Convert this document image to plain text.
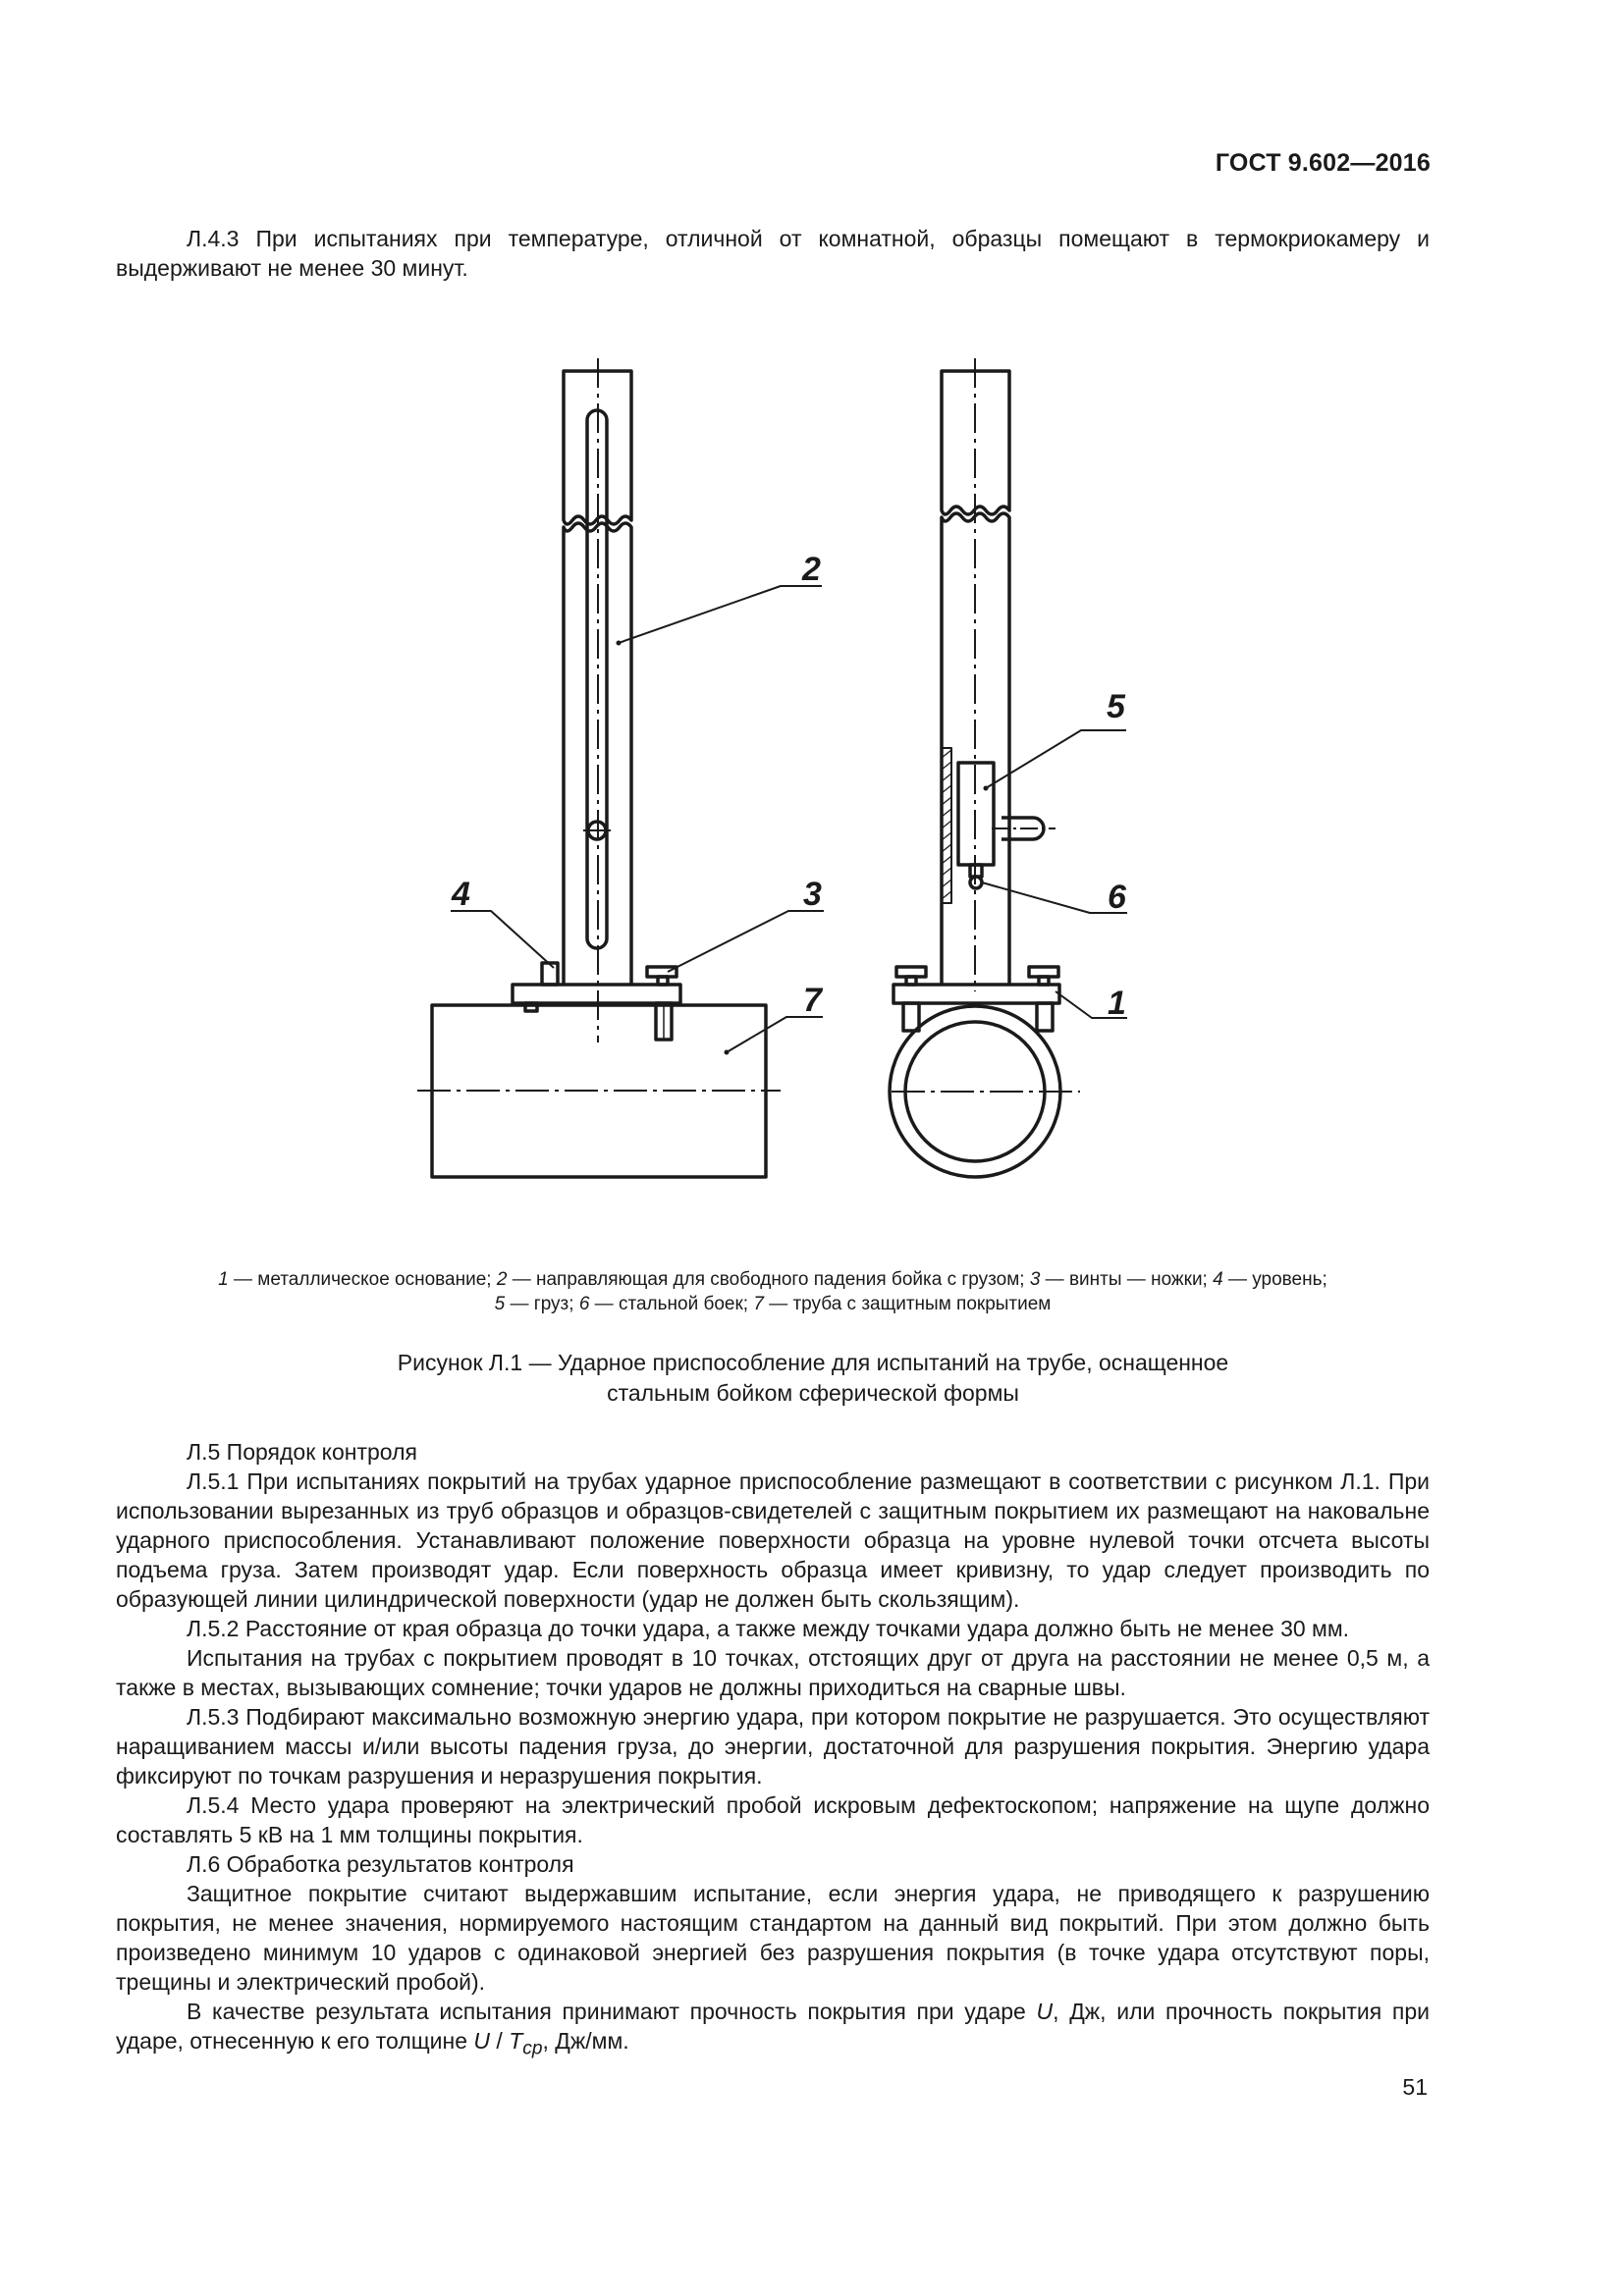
ГОСТ 9.602—2016
Л.4.3 При испытаниях при температуре, отличной от комнатной, образцы помещают в термокриокамеру и выдерживают не менее 30 минут.
2
4	3
7
5
6
1
1 — металлическое основание; 2 — направляющая для свободного падения бойка с грузом; 3 — винты — ножки; 4 — уровень;
5 — груз; 6 — стальной боек; 7 — труба с защитным покрытием
Рисунок Л.1 — Ударное приспособление для испытаний на трубе, оснащенное
стальным бойком сферической формы
Л.5 Порядок контроля
Л.5.1 При испытаниях покрытий на трубах ударное приспособление размещают в соответствии с рисунком Л.1. При использовании вырезанных из труб образцов и образцов-свидетелей с защитным покрытием их размещают на наковальне ударного приспособления. Устанавливают положение поверхности образца на уровне нулевой точки отсчета высоты подъема груза. Затем производят удар. Если поверхность образца имеет кривизну, то удар следует производить по образующей линии цилиндрической поверхности (удар не должен быть скользящим).
Л.5.2 Расстояние от края образца до точки удара, а также между точками удара должно быть не менее 30 мм.
Испытания на трубах с покрытием проводят в 10 точках, отстоящих друг от друга на расстоянии не менее 0,5 м, а также в местах, вызывающих сомнение; точки ударов не должны приходиться на сварные швы.
Л.5.3 Подбирают максимально возможную энергию удара, при котором покрытие не разрушается. Это осуществляют наращиванием массы и/или высоты падения груза, до энергии, достаточной для разрушения покрытия. Энергию удара фиксируют по точкам разрушения и неразрушения покрытия.
Л.5.4 Место удара проверяют на электрический пробой искровым дефектоскопом; напряжение на щупе должно составлять 5 кВ на 1 мм толщины покрытия.
Л.6 Обработка результатов контроля
Защитное покрытие считают выдержавшим испытание, если энергия удара, не приводящего к разрушению покрытия, не менее значения, нормируемого настоящим стандартом на данный вид покрытий. При этом должно быть произведено минимум 10 ударов с одинаковой энергией без разрушения покрытия (в точке удара отсутствуют поры, трещины и электрический пробой).
В качестве результата испытания принимают прочность покрытия при ударе U, Дж, или прочность покрытия при ударе, отнесенную к его толщине U / $T_{ср}$, Дж/мм.
51
